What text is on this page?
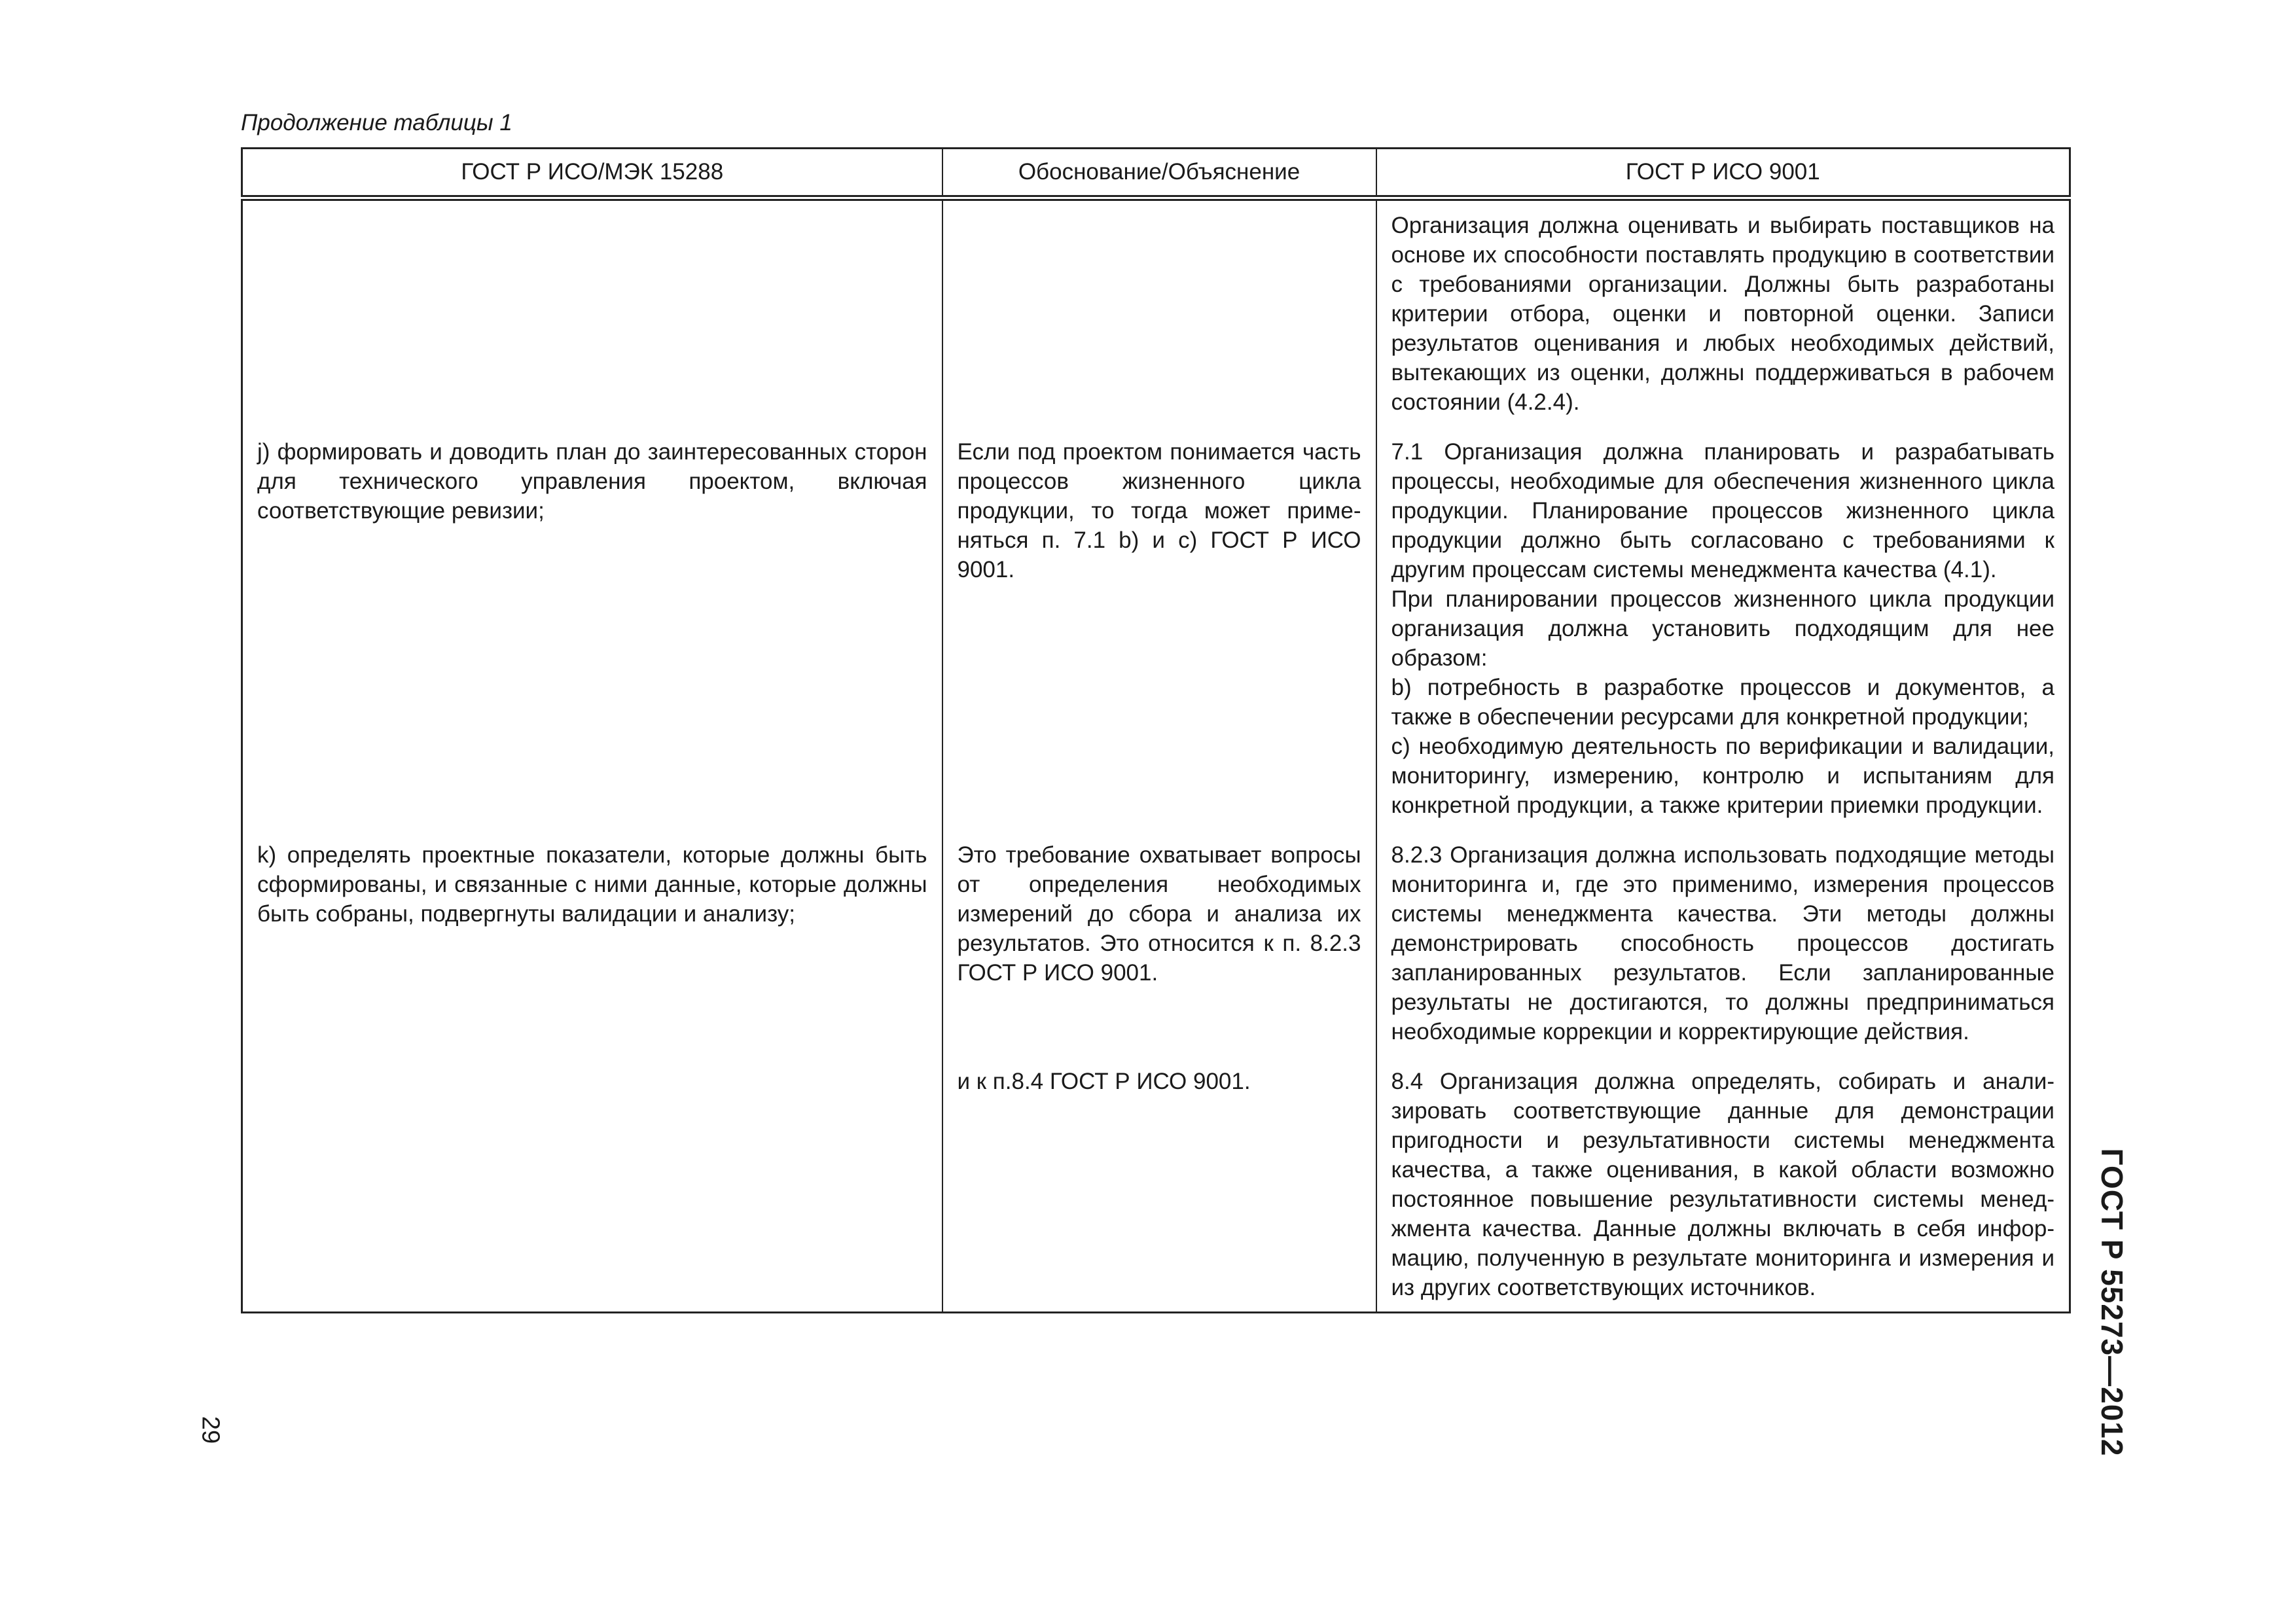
Продолжение таблицы 1
ГОСТ Р ИСО/МЭК 15288	Обоснование/Объяснение	ГОСТ Р ИСО 9001
		Организация должна оценивать и выбирать поставщиков на основе их способности поставлять продукцию в соответствии с требованиями организации. Должны быть разработаны критерии отбора, оценки и повторной оценки. Записи результатов оценивания и любых необходимых действий, вытекающих из оценки, должны поддерживаться в рабочем состоянии (4.2.4).
j) формировать и доводить план до заинтересованных сторон для технического управления проектом, включая соответствующие ревизии;	Если под проектом понимается часть процессов жизненного цикла продукции, то тогда может применяться п. 7.1 b) и c) ГОСТ Р ИСО 9001.	7.1 Организация должна планировать и разрабатывать процессы, необходимые для обеспечения жизненного цикла продукции. Планирование процессов жизненного цикла продукции должно быть согласовано с требованиями к другим процессам системы менеджмента качества (4.1).
При планировании процессов жизненного цикла продукции организация должна установить подходящим для нее образом:
b) потребность в разработке процессов и документов, а также в обеспечении ресурсами для конкретной продукции;
c) необходимую деятельность по верификации и валидации, мониторингу, измерению, контролю и испытаниям для конкретной продукции, а также критерии приемки продукции.
k) определять проектные показатели, которые должны быть сформированы, и связанные с ними данные, которые должны быть собраны, подвергнуты валидации и анализу;	Это требование охватывает вопросы от определения необходимых измерений до сбора и анализа их результатов. Это относится к п. 8.2.3 ГОСТ Р ИСО 9001.	8.2.3 Организация должна использовать подходящие методы мониторинга и, где это применимо, измерения процессов системы менеджмента качества. Эти методы должны демонстрировать способность процессов достигать запланированных результатов. Если запланированные результаты не достигаются, то должны предприниматься необходимые коррекции и корректирующие действия.
	и к п.8.4 ГОСТ Р ИСО 9001.	8.4 Организация должна определять, собирать и анализировать соответствующие данные для демонстрации пригодности и результативности системы менеджмента качества, а также оценивания, в какой области возможно постоянное повышение результативности системы менеджмента качества. Данные должны включать в себя информацию, полученную в результате мониторинга и измерения и из других соответствующих источников.	ГОСТ Р 55273—2012
29
